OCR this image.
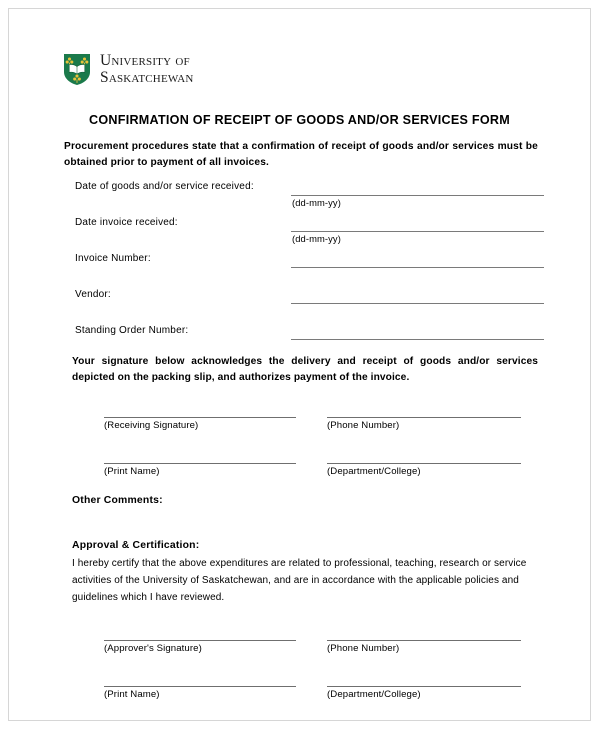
University of
Saskatchewan
CONFIRMATION OF RECEIPT OF GOODS AND/OR SERVICES FORM
Procurement procedures state that a confirmation of receipt of goods and/or services must be obtained prior to payment of all invoices.
Date of goods and/or service received:
(dd-mm-yy)
Date invoice received:
(dd-mm-yy)
Invoice Number:
Vendor:
Standing Order Number:
Your signature below acknowledges the delivery and receipt of goods and/or services depicted on the packing slip, and authorizes payment of the invoice.
(Receiving Signature)	(Phone Number)
(Print Name)	(Department/College)
Other Comments:
Approval & Certification:
I hereby certify that the above expenditures are related to professional, teaching, research or service activities of the University of Saskatchewan, and are in accordance with the applicable policies and guidelines which I have reviewed.
(Approver's Signature)	(Phone Number)
(Print Name)	(Department/College)
